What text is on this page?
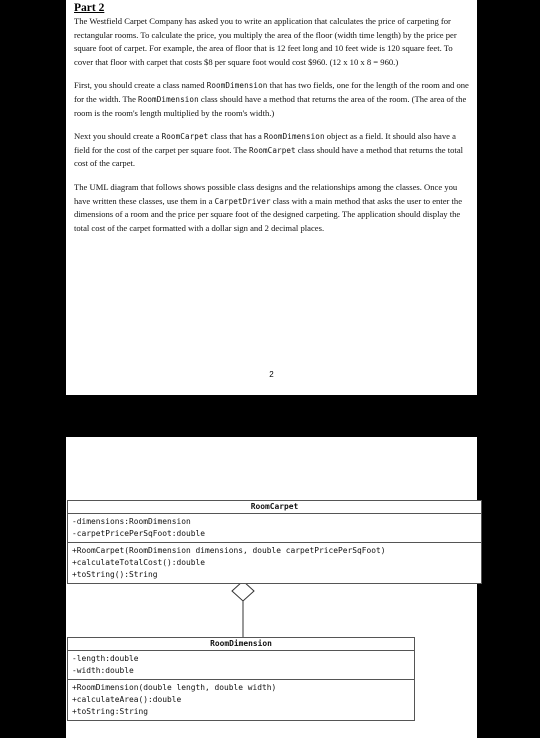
Part 2

The Westfield Carpet Company has asked you to write an application that calculates the price of carpeting for rectangular rooms. To calculate the price, you multiply the area of the floor (width time length) by the price per square foot of carpet. For example, the area of floor that is 12 feet long and 10 feet wide is 120 square feet. To cover that floor with carpet that costs $8 per square foot would cost $960. (12 x 10 x 8 = 960.)

First, you should create a class named RoomDimension that has two fields, one for the length of the room and one for the width. The RoomDimension class should have a method that returns the area of the room. (The area of the room is the room's length multiplied by the room's width.)

Next you should create a RoomCarpet class that has a RoomDimension object as a field. It should also have a field for the cost of the carpet per square foot. The RoomCarpet class should have a method that returns the total cost of the carpet.

The UML diagram that follows shows possible class designs and the relationships among the classes. Once you have written these classes, use them in a CarpetDriver class with a main method that asks the user to enter the dimensions of a room and the price per square foot of the designed carpeting. The application should display the total cost of the carpet formatted with a dollar sign and 2 decimal places.

2
RoomCarpet
-dimensions:RoomDimension
-carpetPricePerSqFoot:double
+RoomCarpet(RoomDimension dimensions, double carpetPricePerSqFoot)
+calculateTotalCost():double
+toString():String
RoomDimension
-length:double
-width:double
+RoomDimension(double length, double width)
+calculateArea():double
+toString:String
